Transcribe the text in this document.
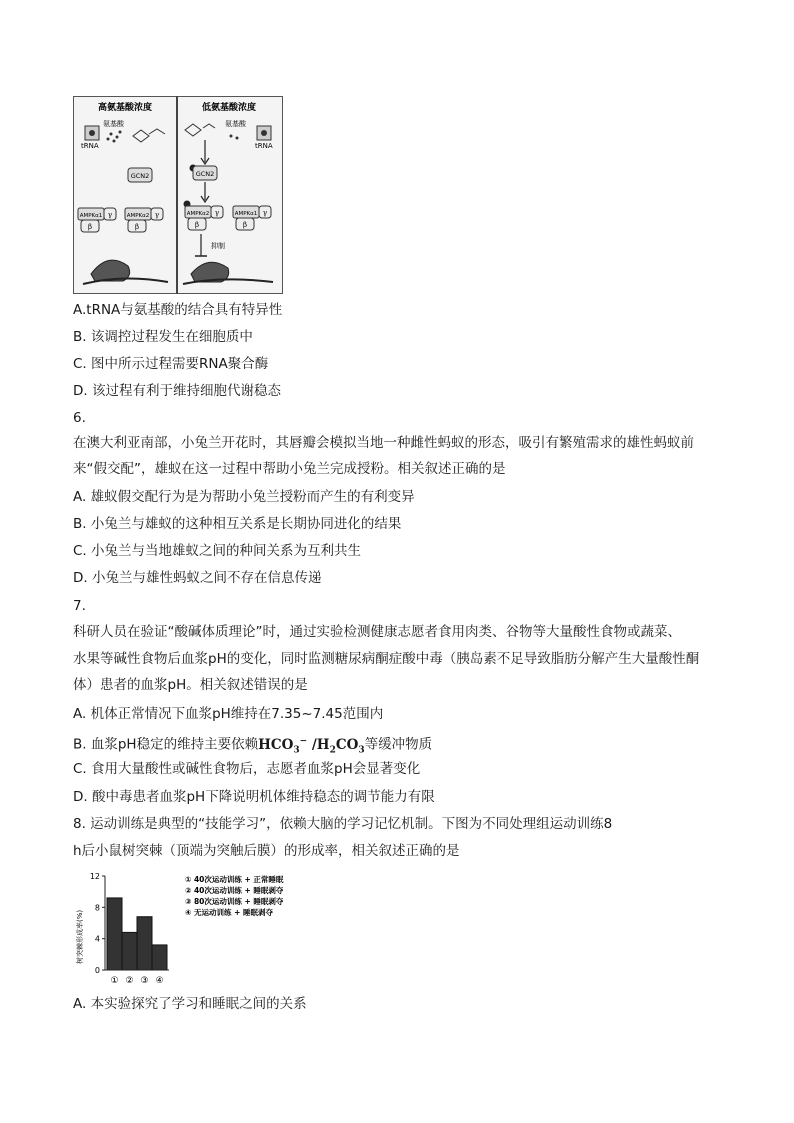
高氨基酸浓度
tRNA
氨基酸
GCN2
AMPKα1
β
γ	AMPKα2
β
γ
低氨基酸浓度
氨基酸
tRNA
GCN2
AMPKα2
β
γ	AMPKα1
β
γ
抑制
A.tRNA与氨基酸的结合具有特异性
B. 该调控过程发生在细胞质中
C. 图中所示过程需要RNA聚合酶
D. 该过程有利于维持细胞代谢稳态
6.
在澳大利亚南部，小兔兰开花时，其唇瓣会模拟当地一种雌性蚂蚁的形态，吸引有繁殖需求的雄性蚂蚁前
来“假交配”，雄蚁在这一过程中帮助小兔兰完成授粉。相关叙述正确的是
A. 雄蚁假交配行为是为帮助小兔兰授粉而产生的有利变异
B. 小兔兰与雄蚁的这种相互关系是长期协同进化的结果
C. 小兔兰与当地雄蚁之间的种间关系为互利共生
D. 小兔兰与雄性蚂蚁之间不存在信息传递
7.
科研人员在验证“酸碱体质理论”时，通过实验检测健康志愿者食用肉类、谷物等大量酸性食物或蔬菜、
水果等碱性食物后血浆pH的变化，同时监测糖尿病酮症酸中毒（胰岛素不足导致脂肪分解产生大量酸性酮
体）患者的血浆pH。相关叙述错误的是
A. 机体正常情况下血浆pH维持在7.35~7.45范围内
B. 血浆pH稳定的维持主要依赖$HCO_3^-$ $/H_2CO_3$等缓冲物质
C. 食用大量酸性或碱性食物后，志愿者血浆pH会显著变化
D. 酸中毒患者血浆pH下降说明机体维持稳态的调节能力有限
8. 运动训练是典型的“技能学习”，依赖大脑的学习记忆机制。下图为不同处理组运动训练8
h后小鼠树突棘（顶端为突触后膜）的形成率，相关叙述正确的是
树突棘形成率(%)
0
4
8
12
① ② ③ ④
① 40次运动训练 + 正常睡眠
② 40次运动训练 + 睡眠剥夺
③ 80次运动训练 + 睡眠剥夺
④ 无运动训练 + 睡眠剥夺
A. 本实验探究了学习和睡眠之间的关系
